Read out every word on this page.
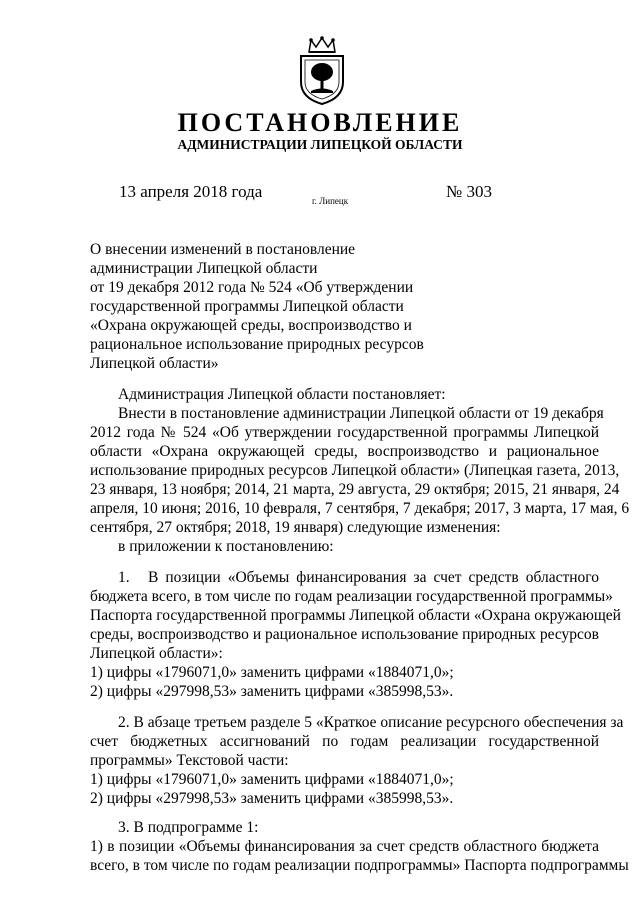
ПОСТАНОВЛЕНИЕ
АДМИНИСТРАЦИИ ЛИПЕЦКОЙ ОБЛАСТИ
13 апреля 2018 года	г. Липецк	№ 303
О внесении изменений в постановление
администрации Липецкой области
от 19 декабря 2012 года № 524 «Об утверждении
государственной программы Липецкой области
«Охрана окружающей среды, воспроизводство и
рациональное использование природных ресурсов
Липецкой области»
Администрация Липецкой области постановляет:
Внести в постановление администрации Липецкой области от 19 декабря
2012 года № 524 «Об утверждении государственной программы Липецкой
области «Охрана окружающей среды, воспроизводство и рациональное
использование природных ресурсов Липецкой области» (Липецкая газета, 2013,
23 января, 13 ноября; 2014, 21 марта, 29 августа, 29 октября; 2015, 21 января, 24
апреля, 10 июня; 2016, 10 февраля, 7 сентября, 7 декабря; 2017, 3 марта, 17 мая, 6
сентября, 27 октября; 2018, 19 января) следующие изменения:
в приложении к постановлению:
1. В позиции «Объемы финансирования за счет средств областного
бюджета всего, в том числе по годам реализации государственной программы»
Паспорта государственной программы Липецкой области «Охрана окружающей
среды, воспроизводство и рациональное использование природных ресурсов
Липецкой области»:
1) цифры «1796071,0» заменить цифрами «1884071,0»;
2) цифры «297998,53» заменить цифрами «385998,53».
2. В абзаце третьем разделе 5 «Краткое описание ресурсного обеспечения за
счет бюджетных ассигнований по годам реализации государственной
программы» Текстовой части:
1) цифры «1796071,0» заменить цифрами «1884071,0»;
2) цифры «297998,53» заменить цифрами «385998,53».
3. В подпрограмме 1:
1) в позиции «Объемы финансирования за счет средств областного бюджета
всего, в том числе по годам реализации подпрограммы» Паспорта подпрограммы
